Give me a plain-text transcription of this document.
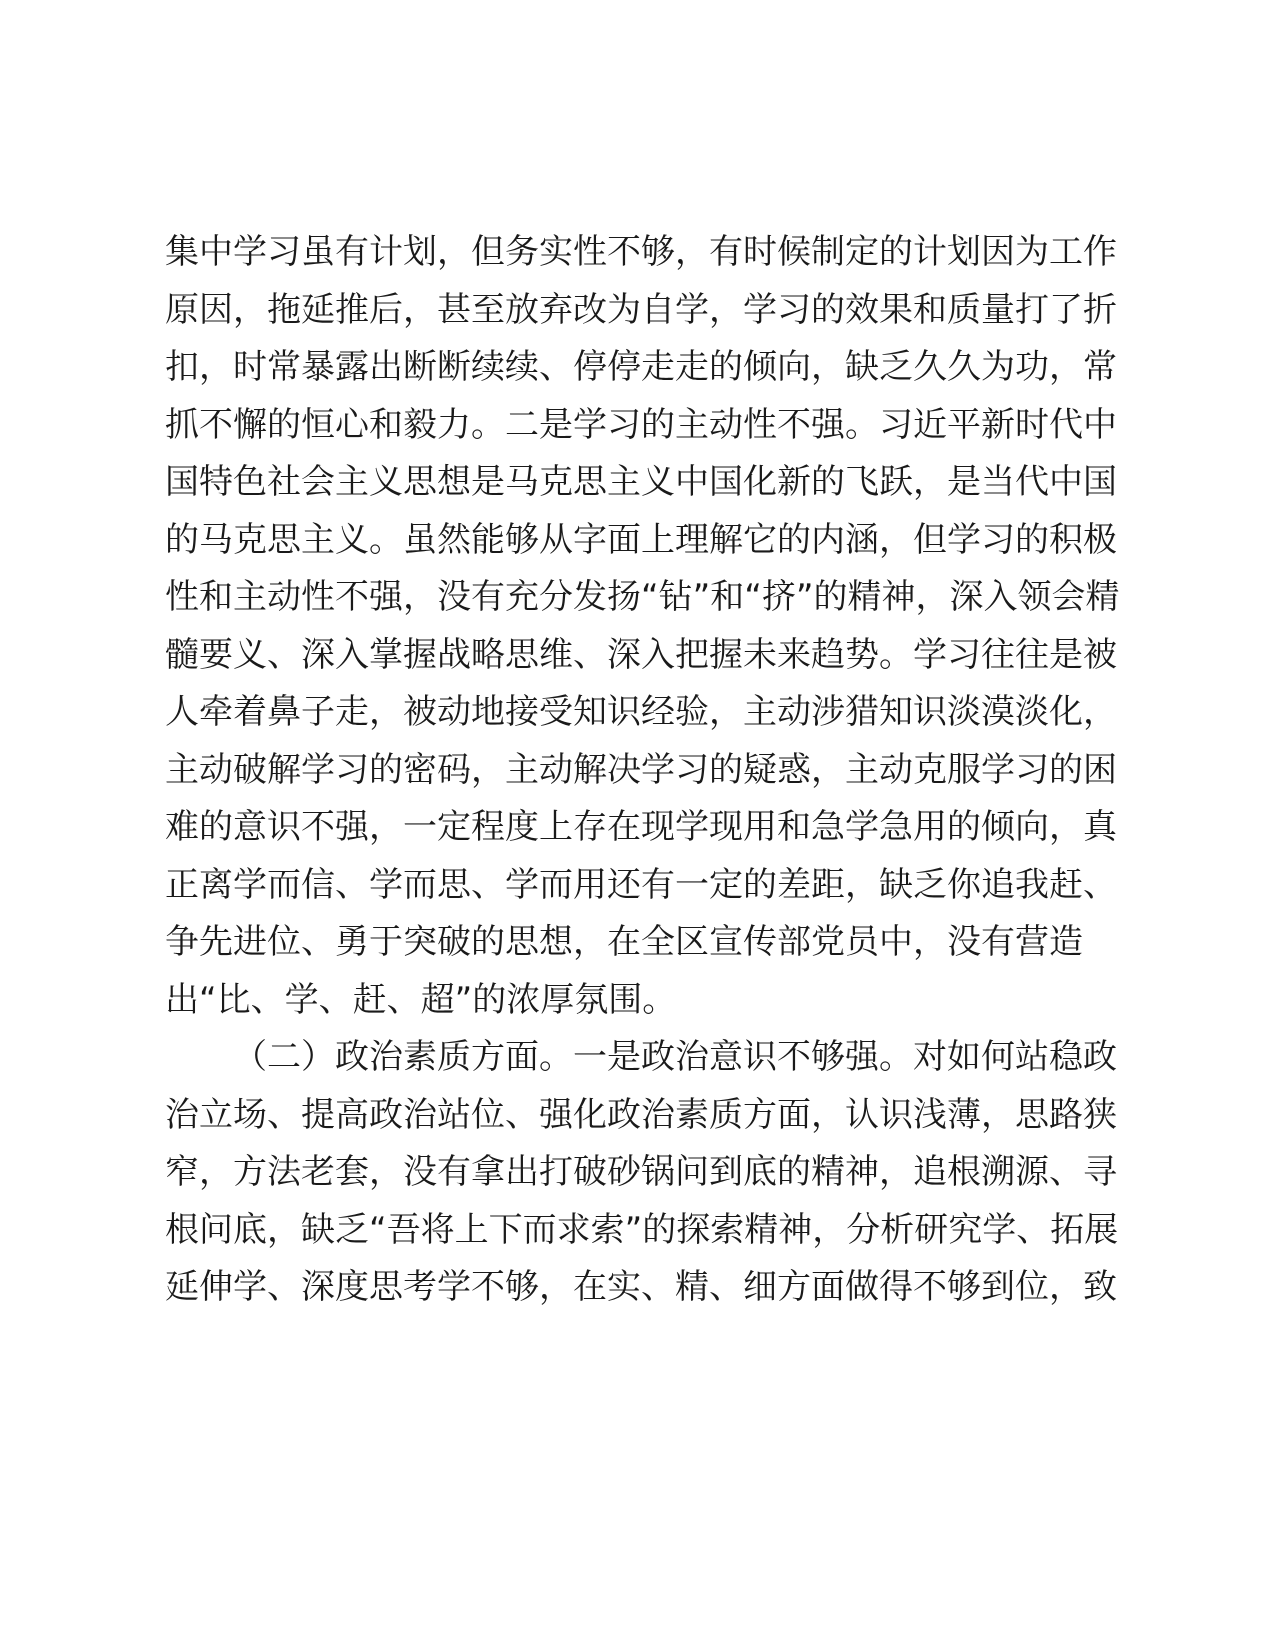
集中学习虽有计划，但务实性不够，有时候制定的计划因为工作
原因，拖延推后，甚至放弃改为自学，学习的效果和质量打了折
扣，时常暴露出断断续续、停停走走的倾向，缺乏久久为功，常
抓不懈的恒心和毅力。二是学习的主动性不强。习近平新时代中
国特色社会主义思想是马克思主义中国化新的飞跃，是当代中国
的马克思主义。虽然能够从字面上理解它的内涵，但学习的积极
性和主动性不强，没有充分发扬“钻”和“挤”的精神，深入领会精
髓要义、深入掌握战略思维、深入把握未来趋势。学习往往是被
人牵着鼻子走，被动地接受知识经验，主动涉猎知识淡漠淡化，
主动破解学习的密码，主动解决学习的疑惑，主动克服学习的困
难的意识不强，一定程度上存在现学现用和急学急用的倾向，真
正离学而信、学而思、学而用还有一定的差距，缺乏你追我赶、
争先进位、勇于突破的思想，在全区宣传部党员中，没有营造
出“比、学、赶、超”的浓厚氛围。
（二）政治素质方面。一是政治意识不够强。对如何站稳政
治立场、提高政治站位、强化政治素质方面，认识浅薄，思路狭
窄，方法老套，没有拿出打破砂锅问到底的精神，追根溯源、寻
根问底，缺乏“吾将上下而求索”的探索精神，分析研究学、拓展
延伸学、深度思考学不够，在实、精、细方面做得不够到位，致
